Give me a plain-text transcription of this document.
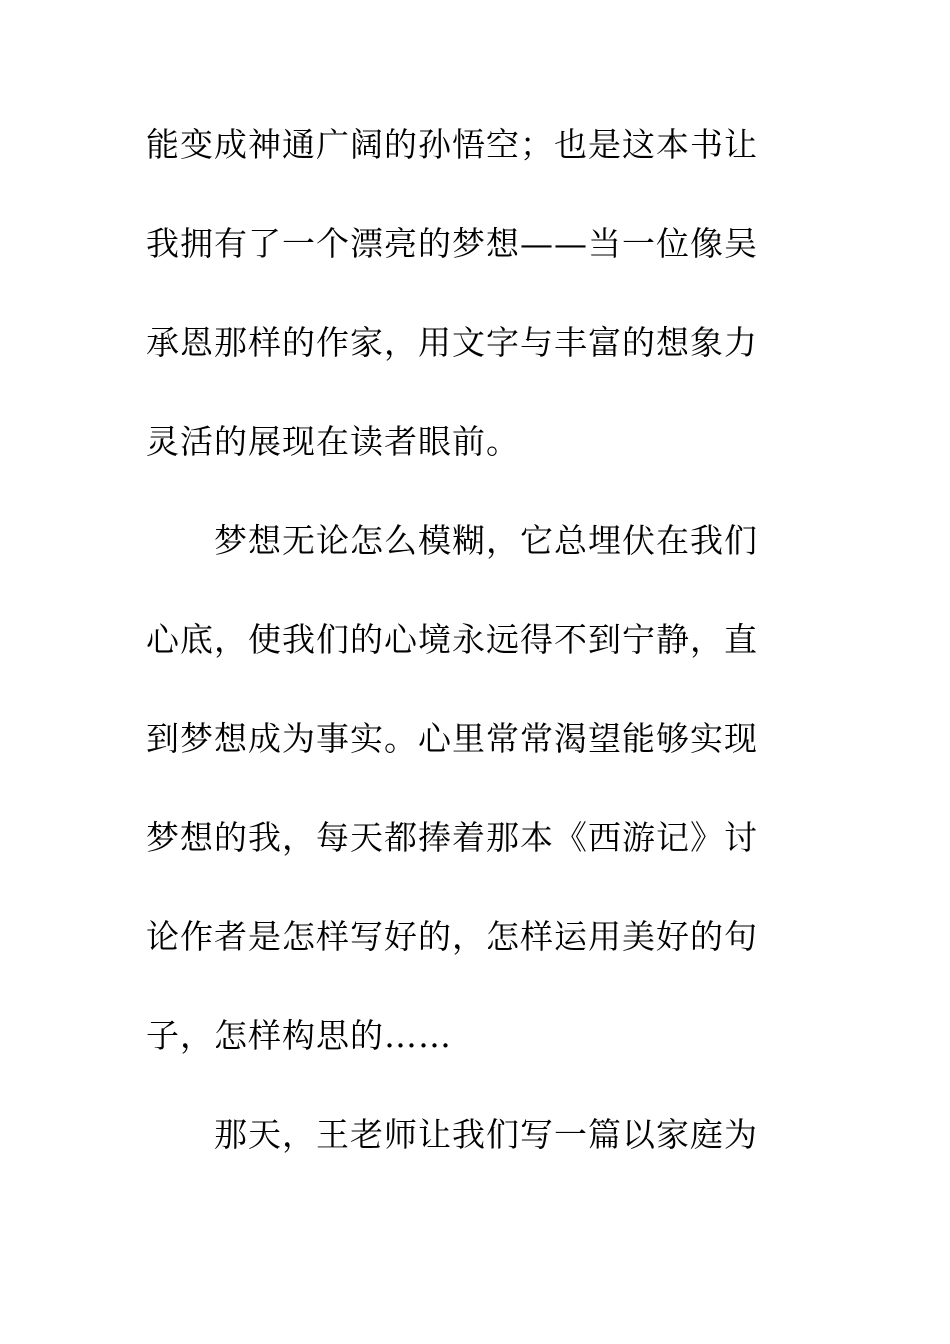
能变成神通广阔的孙悟空；也是这本书让
我拥有了一个漂亮的梦想——当一位像吴
承恩那样的作家，用文字与丰富的想象力
灵活的展现在读者眼前。
梦想无论怎么模糊，它总埋伏在我们
心底，使我们的心境永远得不到宁静，直
到梦想成为事实。心里常常渴望能够实现
梦想的我，每天都捧着那本《西游记》讨
论作者是怎样写好的，怎样运用美好的句
子，怎样构思的……
那天，王老师让我们写一篇以家庭为
